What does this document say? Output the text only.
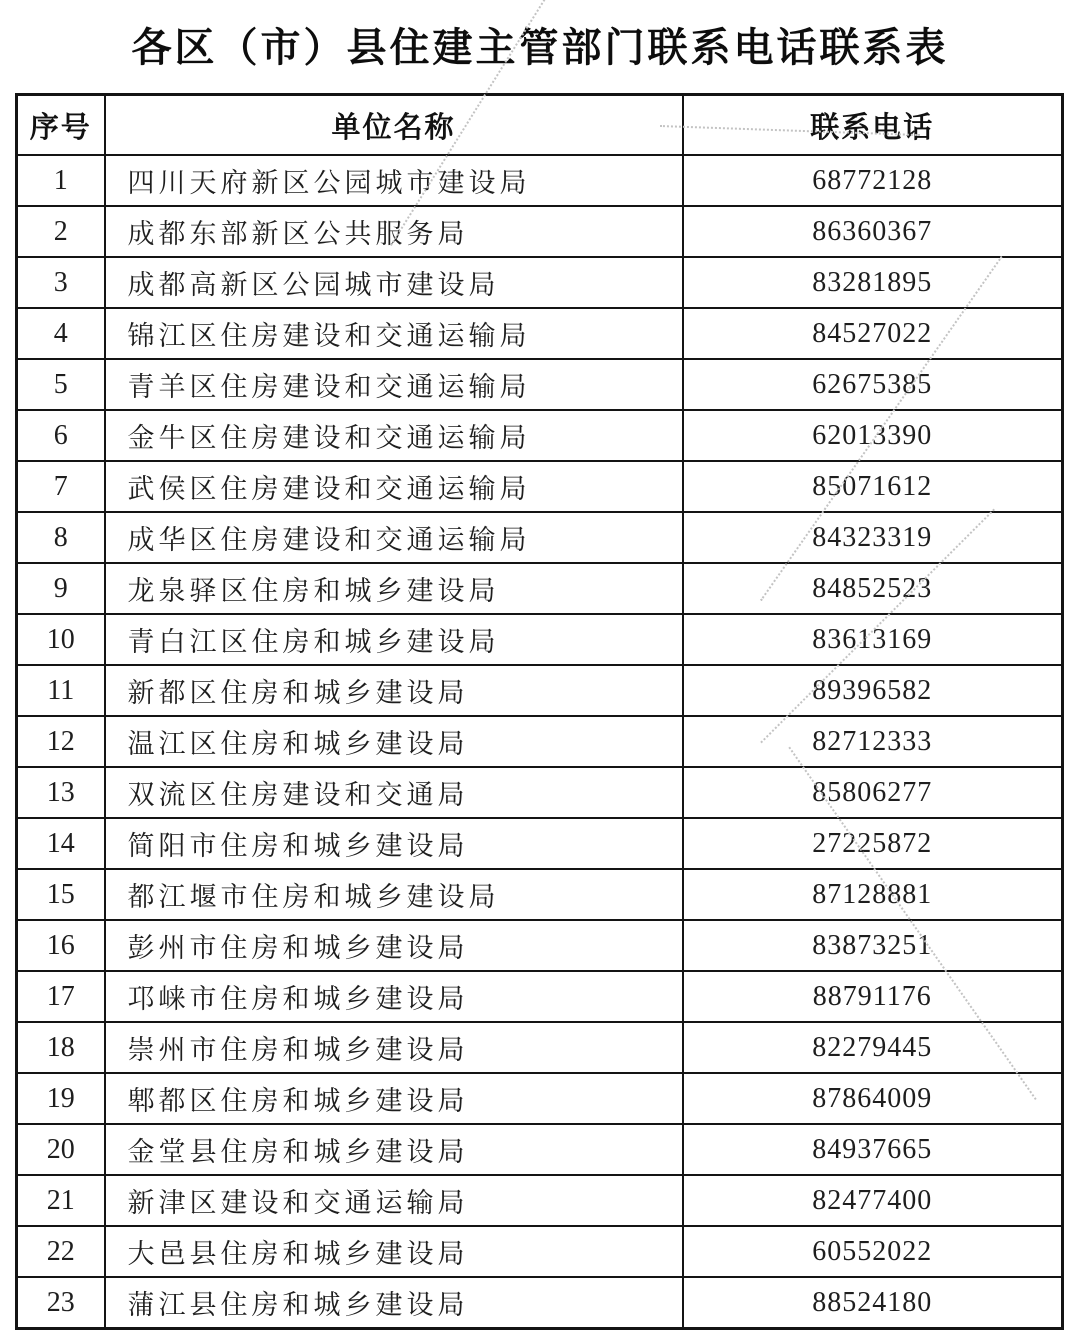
各区（市）县住建主管部门联系电话联系表
序号	单位名称	联系电话
1	四川天府新区公园城市建设局	68772128
2	成都东部新区公共服务局	86360367
3	成都高新区公园城市建设局	83281895
4	锦江区住房建设和交通运输局	84527022
5	青羊区住房建设和交通运输局	62675385
6	金牛区住房建设和交通运输局	62013390
7	武侯区住房建设和交通运输局	85071612
8	成华区住房建设和交通运输局	84323319
9	龙泉驿区住房和城乡建设局	84852523
10	青白江区住房和城乡建设局	83613169
11	新都区住房和城乡建设局	89396582
12	温江区住房和城乡建设局	82712333
13	双流区住房建设和交通局	85806277
14	简阳市住房和城乡建设局	27225872
15	都江堰市住房和城乡建设局	87128881
16	彭州市住房和城乡建设局	83873251
17	邛崃市住房和城乡建设局	88791176
18	崇州市住房和城乡建设局	82279445
19	郫都区住房和城乡建设局	87864009
20	金堂县住房和城乡建设局	84937665
21	新津区建设和交通运输局	82477400
22	大邑县住房和城乡建设局	60552022
23	蒲江县住房和城乡建设局	88524180
